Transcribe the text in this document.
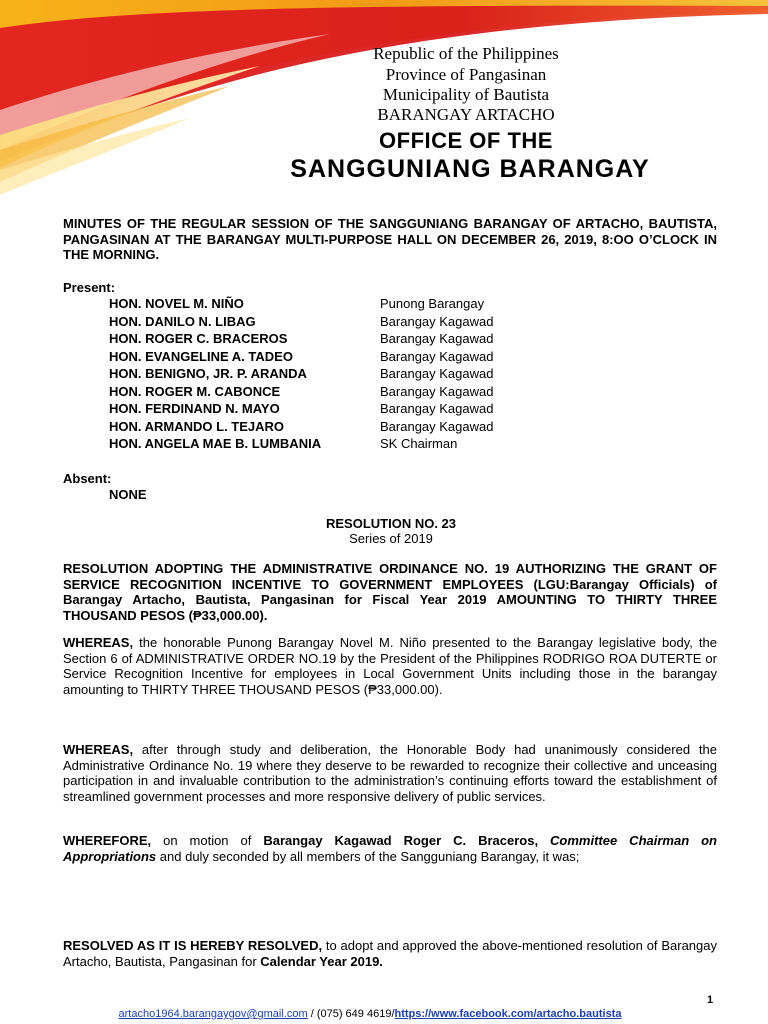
Republic of the Philippines
Province of Pangasinan
Municipality of Bautista
BARANGAY ARTACHO
OFFICE OF THE
SANGGUNIANG BARANGAY
MINUTES OF THE REGULAR SESSION OF THE SANGGUNIANG BARANGAY OF ARTACHO, BAUTISTA, PANGASINAN AT THE BARANGAY MULTI-PURPOSE HALL ON DECEMBER 26, 2019, 8:OO O’CLOCK IN THE MORNING.
Present:
HON. NOVEL M. NIÑO	Punong Barangay
HON. DANILO N. LIBAG	Barangay Kagawad
HON. ROGER C. BRACEROS	Barangay Kagawad
HON. EVANGELINE A. TADEO	Barangay Kagawad
HON. BENIGNO, JR. P. ARANDA	Barangay Kagawad
HON. ROGER M. CABONCE	Barangay Kagawad
HON. FERDINAND N. MAYO	Barangay Kagawad
HON. ARMANDO L. TEJARO	Barangay Kagawad
HON. ANGELA MAE B. LUMBANIA	SK Chairman
Absent:
NONE
RESOLUTION NO. 23
Series of 2019
RESOLUTION ADOPTING THE ADMINISTRATIVE ORDINANCE NO. 19 AUTHORIZING THE GRANT OF SERVICE RECOGNITION INCENTIVE TO GOVERNMENT EMPLOYEES (LGU:Barangay Officials) of Barangay Artacho, Bautista, Pangasinan for Fiscal Year 2019 AMOUNTING TO THIRTY THREE THOUSAND PESOS (₱33,000.00).
WHEREAS, the honorable Punong Barangay Novel M. Niño presented to the Barangay legislative body, the Section 6 of ADMINISTRATIVE ORDER NO.19 by the President of the Philippines RODRIGO ROA DUTERTE or Service Recognition Incentive for employees in Local Government Units including those in the barangay amounting to THIRTY THREE THOUSAND PESOS (₱33,000.00).
WHEREAS, after through study and deliberation, the Honorable Body had unanimously considered the Administrative Ordinance No. 19 where they deserve to be rewarded to recognize their collective and unceasing participation in and invaluable contribution to the administration’s continuing efforts toward the establishment of streamlined government processes and more responsive delivery of public services.
WHEREFORE, on motion of Barangay Kagawad Roger C. Braceros, Committee Chairman on Appropriations and duly seconded by all members of the Sangguniang Barangay, it was;
RESOLVED AS IT IS HEREBY RESOLVED, to adopt and approved the above-mentioned resolution of Barangay Artacho, Bautista, Pangasinan for Calendar Year 2019.
1
artacho1964.barangaygov@gmail.com / (075) 649 4619/https://www.facebook.com/artacho.bautista
